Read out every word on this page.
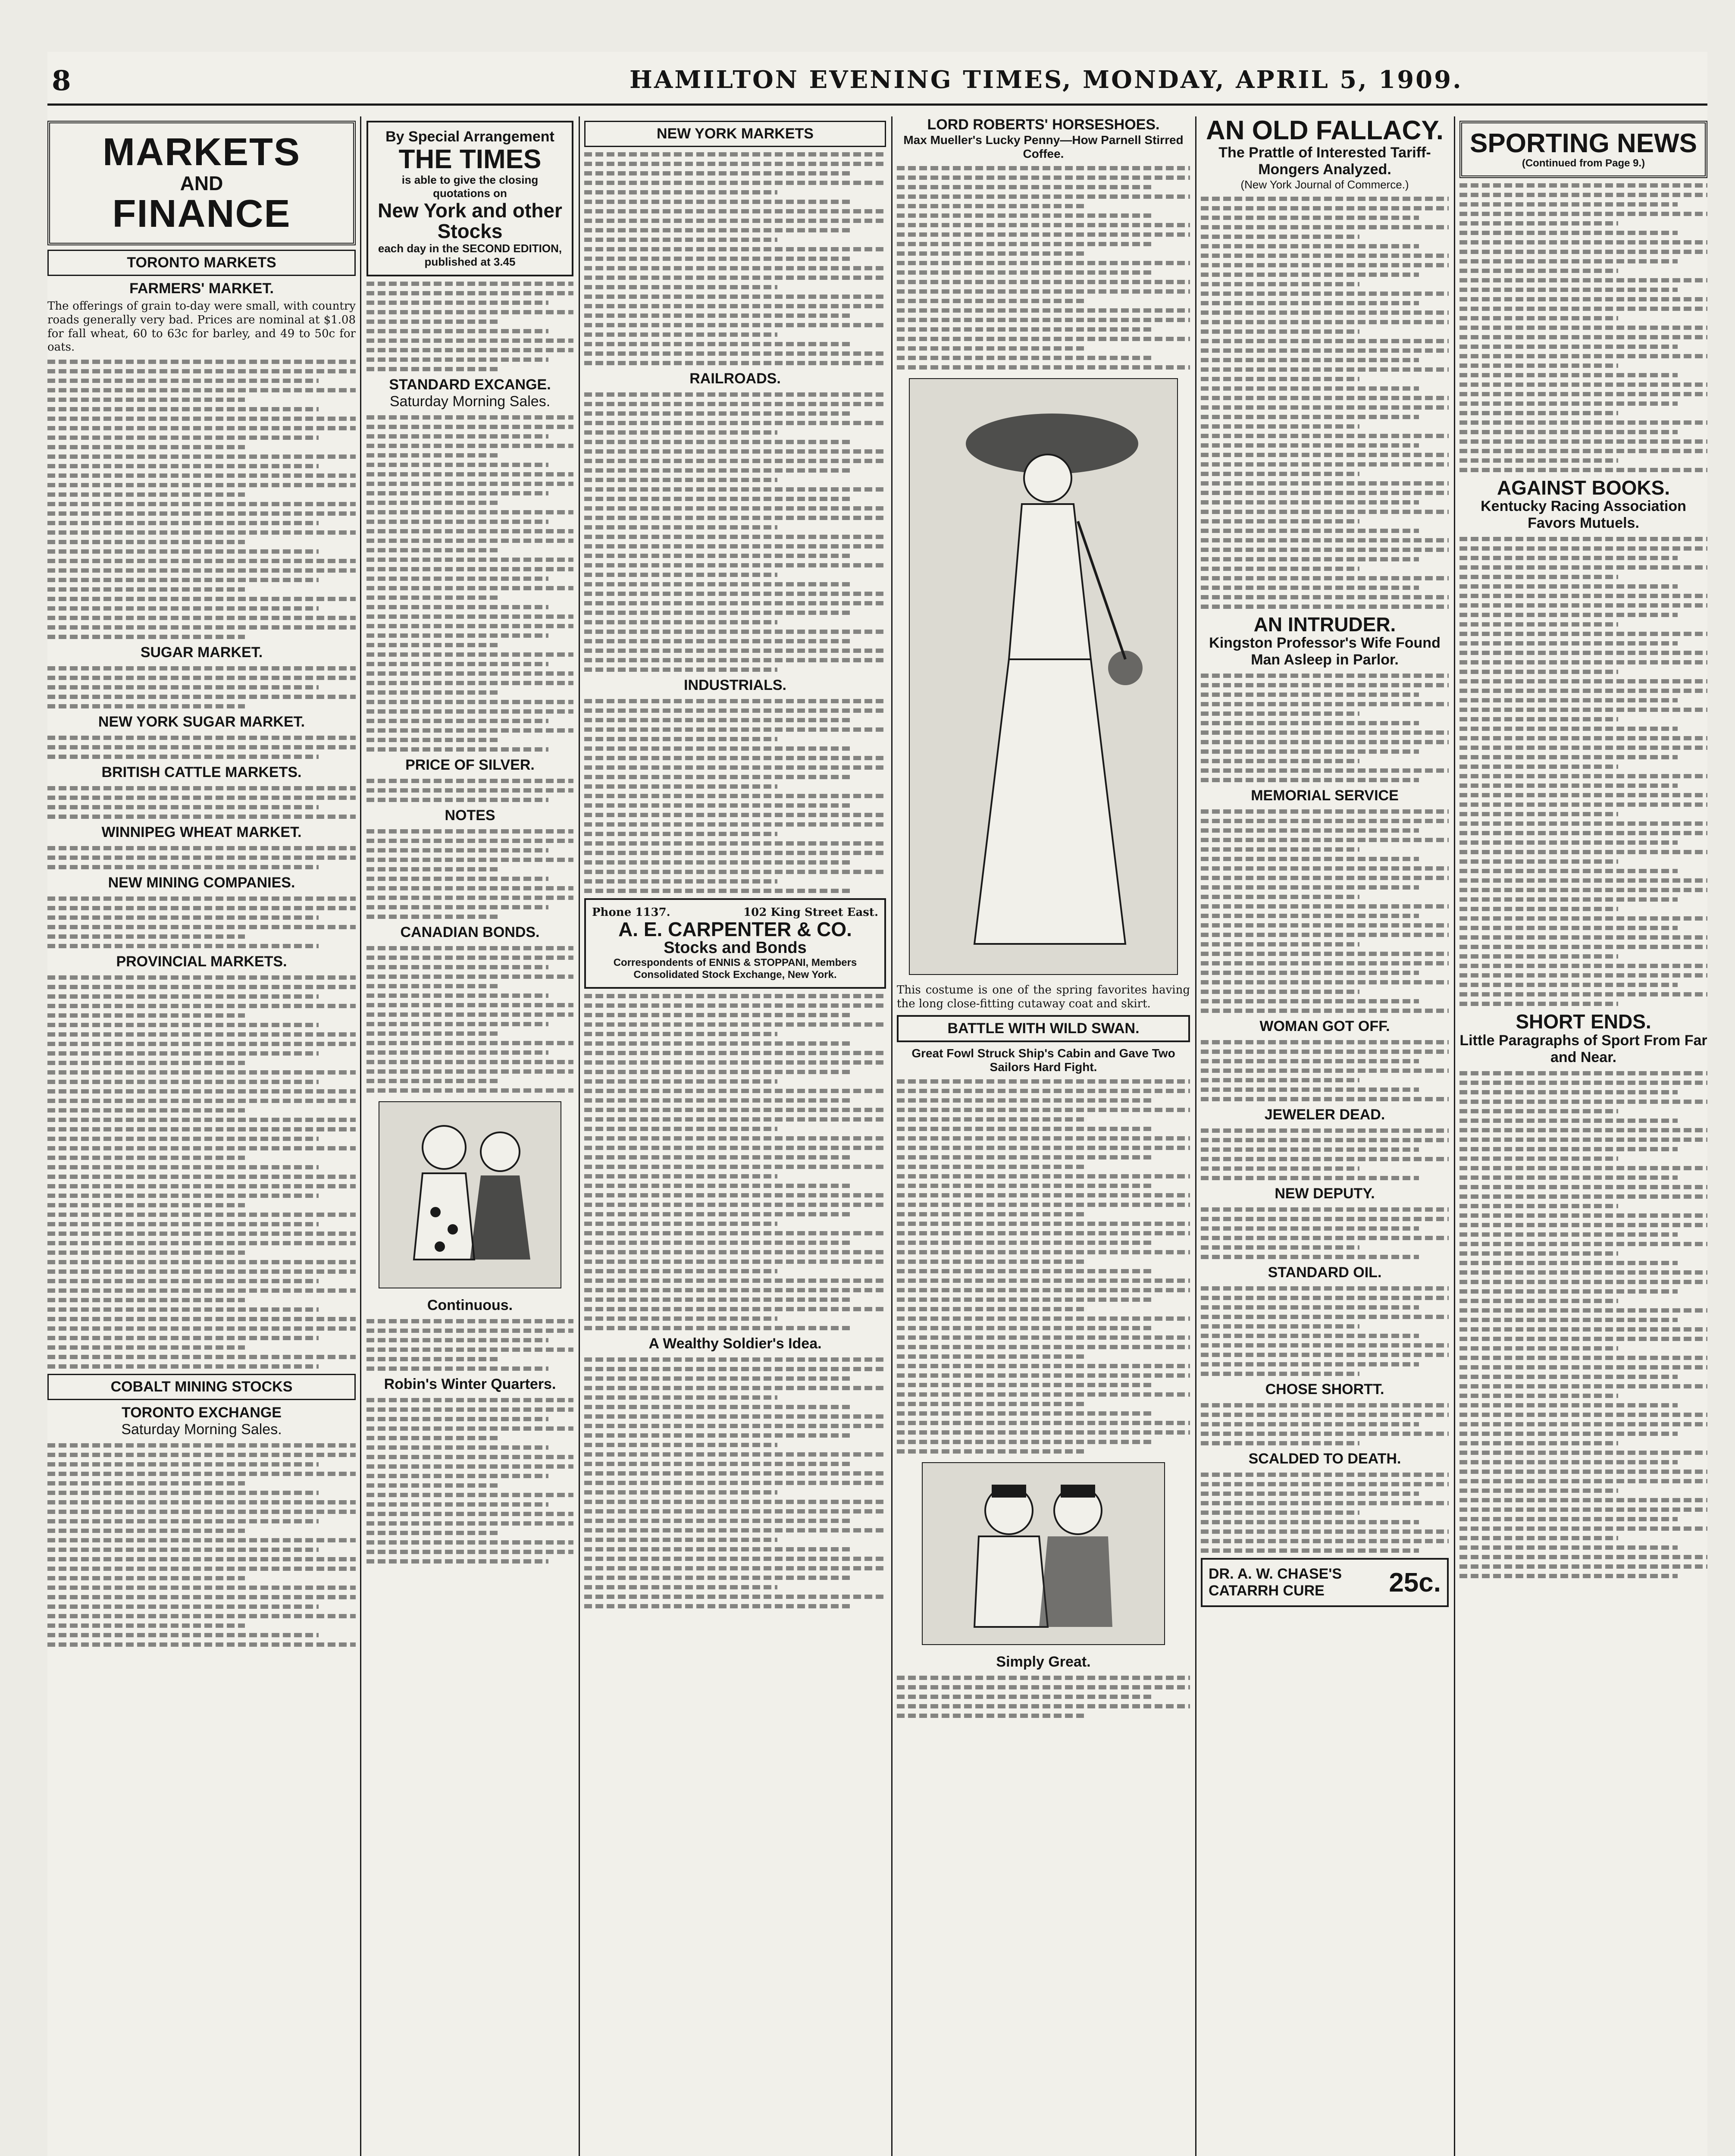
8	HAMILTON EVENING TIMES, MONDAY, APRIL 5, 1909.
MARKETS
AND
FINANCE
TORONTO MARKETS
FARMERS' MARKET.
The offerings of grain to-day were small, with country roads generally very bad. Prices are nominal at $1.08 for fall wheat, 60 to 63c for barley, and 49 to 50c for oats.
SUGAR MARKET.
NEW YORK SUGAR MARKET.
BRITISH CATTLE MARKETS.
WINNIPEG WHEAT MARKET.
NEW MINING COMPANIES.
PROVINCIAL MARKETS.
COBALT MINING STOCKS
TORONTO EXCHANGE
Saturday Morning Sales.
By Special Arrangement
THE TIMES
is able to give the closing quotations on
New York and other Stocks
each day in the SECOND EDITION, published at 3.45
STANDARD EXCANGE.
Saturday Morning Sales.
PRICE OF SILVER.
NOTES
CANADIAN BONDS.
Continuous.
Robin's Winter Quarters.
NEW YORK MARKETS
RAILROADS.
INDUSTRIALS.
Phone 1137.	102 King Street East.
A. E. CARPENTER & CO.
Stocks and Bonds
Correspondents of ENNIS & STOPPANI, Members Consolidated Stock Exchange, New York.
A Wealthy Soldier's Idea.
LORD ROBERTS' HORSESHOES.
Max Mueller's Lucky Penny—How Parnell Stirred Coffee.
This costume is one of the spring favorites having the long close-fitting cutaway coat and skirt.
BATTLE WITH WILD SWAN.
Great Fowl Struck Ship's Cabin and Gave Two Sailors Hard Fight.
Simply Great.
AN OLD FALLACY.
The Prattle of Interested Tariff-Mongers Analyzed.
(New York Journal of Commerce.)
AN INTRUDER.
Kingston Professor's Wife Found Man Asleep in Parlor.
MEMORIAL SERVICE
WOMAN GOT OFF.
JEWELER DEAD.
NEW DEPUTY.
STANDARD OIL.
CHOSE SHORTT.
SCALDED TO DEATH.
DR. A. W. CHASE'S CATARRH CURE	25c.
SPORTING NEWS
(Continued from Page 9.)
AGAINST BOOKS.
Kentucky Racing Association Favors Mutuels.
SHORT ENDS.
Little Paragraphs of Sport From Far and Near.
